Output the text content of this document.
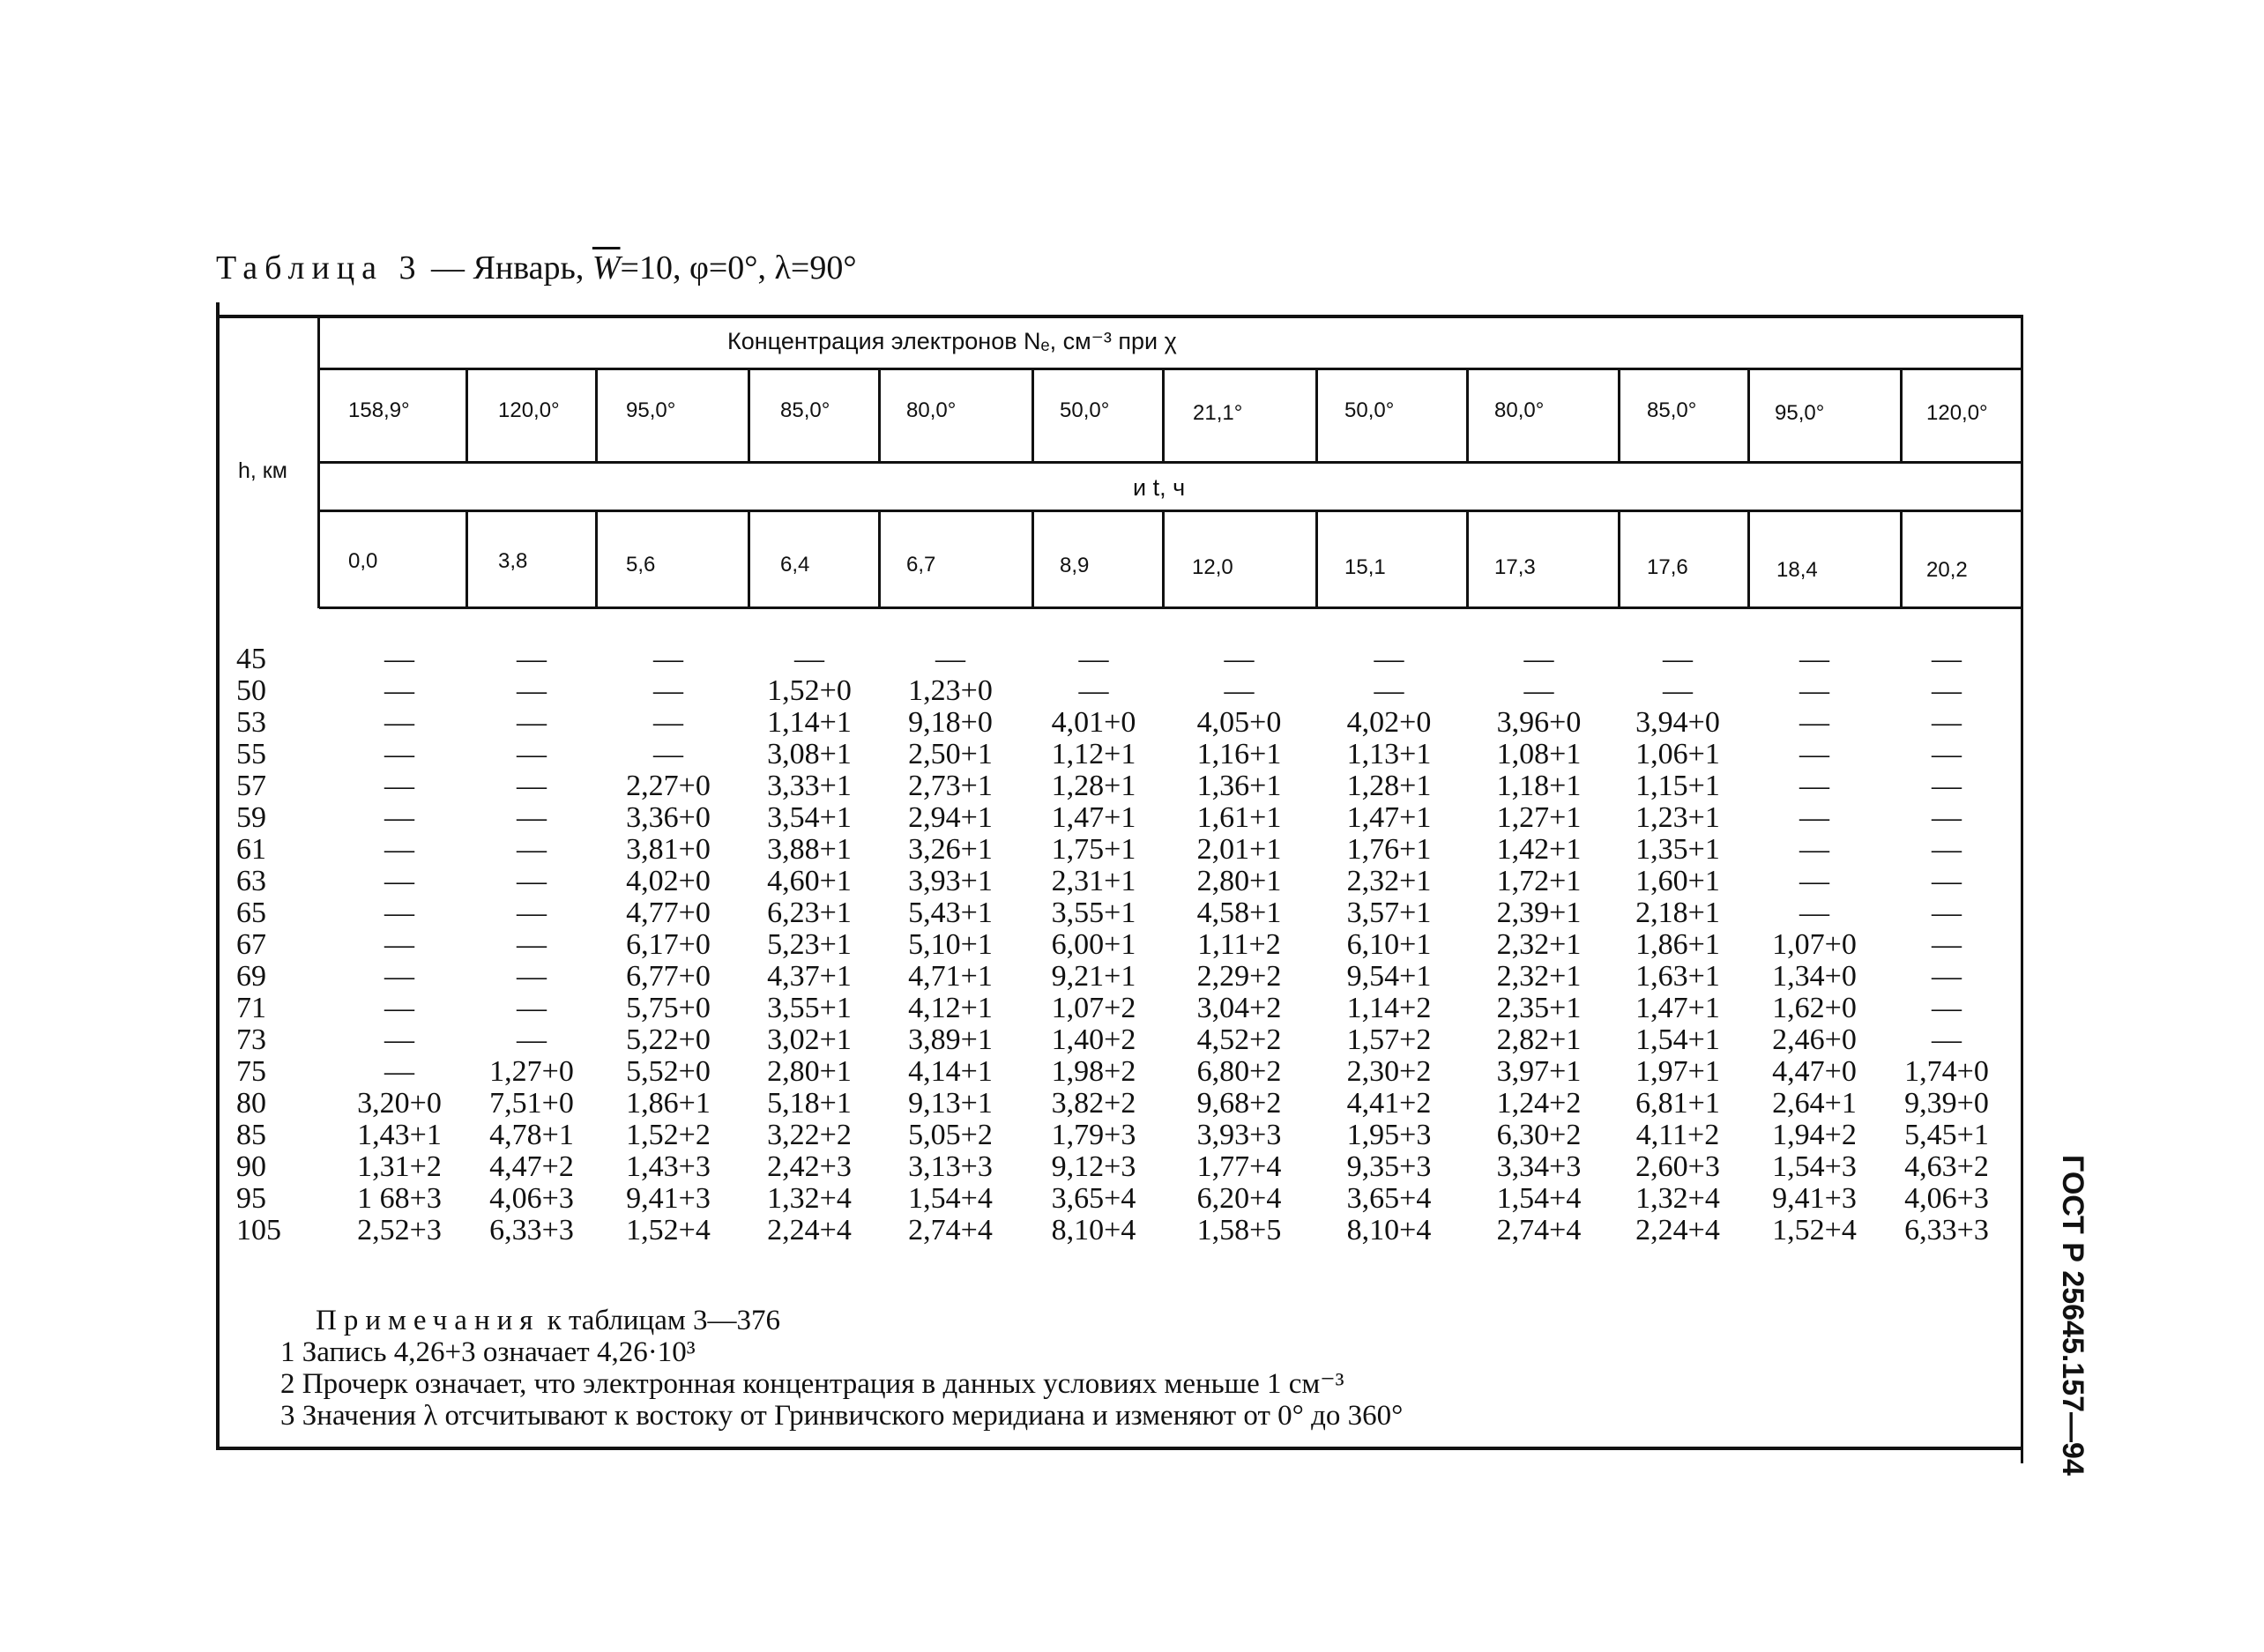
Таблица 3 — Январь, $\overline{W}=10$, φ=0°, λ=90°
Концентрация электронов Nₑ, см⁻³ при χ
и t, ч
h, км
158,9°	120,0°	95,0°	85,0°	80,0°	50,0°	21,1°	50,0°	80,0°	85,0°	95,0°	120,0°
0,0	3,8	5,6	6,4	6,7	8,9	12,0	15,1	17,3	17,6	18,4	20,2
45	—	—	—	—	—	—	—	—	—	—	—	—
50	—	—	—	1,52+0	1,23+0	—	—	—	—	—	—	—
53	—	—	—	1,14+1	9,18+0	4,01+0	4,05+0	4,02+0	3,96+0	3,94+0	—	—
55	—	—	—	3,08+1	2,50+1	1,12+1	1,16+1	1,13+1	1,08+1	1,06+1	—	—
57	—	—	2,27+0	3,33+1	2,73+1	1,28+1	1,36+1	1,28+1	1,18+1	1,15+1	—	—
59	—	—	3,36+0	3,54+1	2,94+1	1,47+1	1,61+1	1,47+1	1,27+1	1,23+1	—	—
61	—	—	3,81+0	3,88+1	3,26+1	1,75+1	2,01+1	1,76+1	1,42+1	1,35+1	—	—
63	—	—	4,02+0	4,60+1	3,93+1	2,31+1	2,80+1	2,32+1	1,72+1	1,60+1	—	—
65	—	—	4,77+0	6,23+1	5,43+1	3,55+1	4,58+1	3,57+1	2,39+1	2,18+1	—	—
67	—	—	6,17+0	5,23+1	5,10+1	6,00+1	1,11+2	6,10+1	2,32+1	1,86+1	1,07+0	—
69	—	—	6,77+0	4,37+1	4,71+1	9,21+1	2,29+2	9,54+1	2,32+1	1,63+1	1,34+0	—
71	—	—	5,75+0	3,55+1	4,12+1	1,07+2	3,04+2	1,14+2	2,35+1	1,47+1	1,62+0	—
73	—	—	5,22+0	3,02+1	3,89+1	1,40+2	4,52+2	1,57+2	2,82+1	1,54+1	2,46+0	—
75	—	1,27+0	5,52+0	2,80+1	4,14+1	1,98+2	6,80+2	2,30+2	3,97+1	1,97+1	4,47+0	1,74+0
80	3,20+0	7,51+0	1,86+1	5,18+1	9,13+1	3,82+2	9,68+2	4,41+2	1,24+2	6,81+1	2,64+1	9,39+0
85	1,43+1	4,78+1	1,52+2	3,22+2	5,05+2	1,79+3	3,93+3	1,95+3	6,30+2	4,11+2	1,94+2	5,45+1
90	1,31+2	4,47+2	1,43+3	2,42+3	3,13+3	9,12+3	1,77+4	9,35+3	3,34+3	2,60+3	1,54+3	4,63+2
95	1 68+3	4,06+3	9,41+3	1,32+4	1,54+4	3,65+4	6,20+4	3,65+4	1,54+4	1,32+4	9,41+3	4,06+3
105	2,52+3	6,33+3	1,52+4	2,24+4	2,74+4	8,10+4	1,58+5	8,10+4	2,74+4	2,24+4	1,52+4	6,33+3
Примечания к таблицам 3—376
1 Запись 4,26+3 означает 4,26·10³
2 Прочерк означает, что электронная концентрация в данных условиях меньше 1 см⁻³
3 Значения λ отсчитывают к востоку от Гринвичского меридиана и изменяют от 0° до 360°	ГОСТ Р 25645.157—94
